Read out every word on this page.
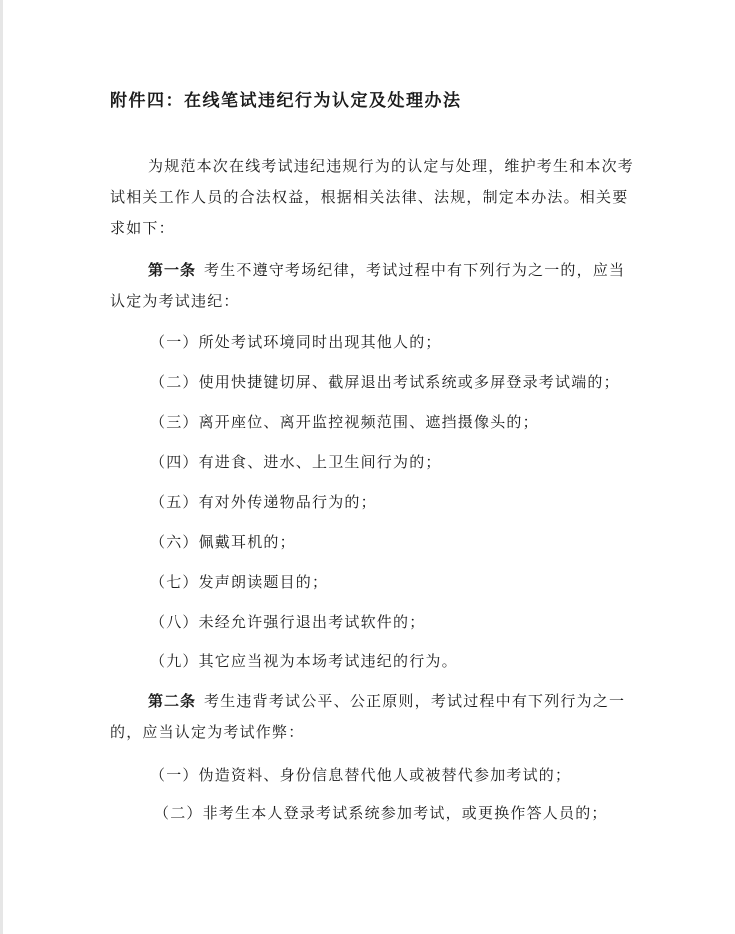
附件四：在线笔试违纪行为认定及处理办法

为规范本次在线考试违纪违规行为的认定与处理，维护考生和本次考试相关工作人员的合法权益，根据相关法律、法规，制定本办法。相关要求如下：

第一条 考生不遵守考场纪律，考试过程中有下列行为之一的，应当认定为考试违纪：

（一）所处考试环境同时出现其他人的；
（二）使用快捷键切屏、截屏退出考试系统或多屏登录考试端的；
（三）离开座位、离开监控视频范围、遮挡摄像头的；
（四）有进食、进水、上卫生间行为的；
（五）有对外传递物品行为的；
（六）佩戴耳机的；
（七）发声朗读题目的；
（八）未经允许强行退出考试软件的；
（九）其它应当视为本场考试违纪的行为。

第二条 考生违背考试公平、公正原则，考试过程中有下列行为之一的，应当认定为考试作弊：

（一）伪造资料、身份信息替代他人或被替代参加考试的；
（二）非考生本人登录考试系统参加考试，或更换作答人员的；
